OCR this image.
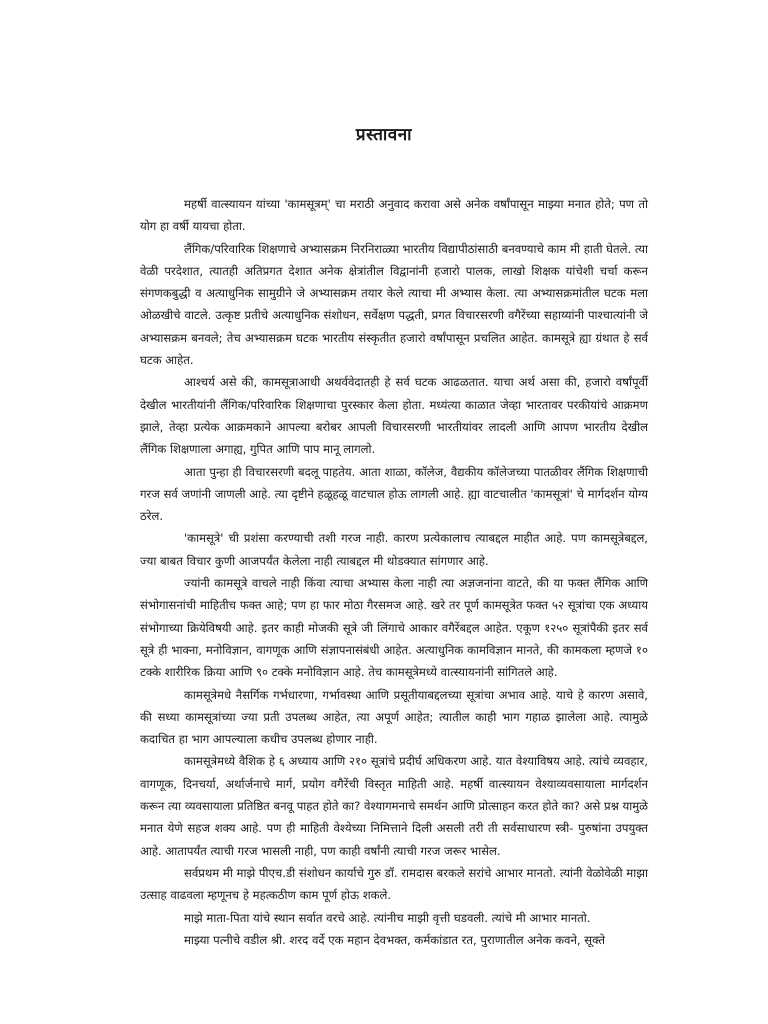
प्रस्तावना

महर्षी वात्स्यायन यांच्या 'कामसूत्रम्' चा मराठी अनुवाद करावा असे अनेक वर्षांपासून माझ्या मनात होते; पण तो योग हा वर्षी यायचा होता.

लैंगिक/परिवारिक शिक्षणाचे अभ्यासक्रम निरनिराळ्या भारतीय विद्यापीठांसाठी बनवण्याचे काम मी हाती घेतले. त्या वेळी परदेशात, त्यातही अतिप्रगत देशात अनेक क्षेत्रांतील विद्वानांनी हजारो पालक, लाखो शिक्षक यांचेशी चर्चा करून संगणकबुद्धी व अत्याधुनिक सामुग्रीने जे अभ्यासक्रम तयार केले त्याचा मी अभ्यास केला. त्या अभ्यासक्रमांतील घटक मला ओळखीचे वाटले. उत्कृष्ट प्रतीचे अत्याधुनिक संशोधन, सर्वेक्षण पद्धती, प्रगत विचारसरणी वगैरेंच्या सहाय्यांनी पाश्चात्यांनी जे अभ्यासक्रम बनवले; तेच अभ्यासक्रम घटक भारतीय संस्कृतीत हजारो वर्षांपासून प्रचलित आहेत. कामसूत्रे ह्या ग्रंथात हे सर्व घटक आहेत.

आश्चर्य असे की, कामसूत्राआधी अथर्ववेदातही हे सर्व घटक आढळतात. याचा अर्थ असा की, हजारो वर्षांपूर्वी देखील भारतीयांनी लैंगिक/परिवारिक शिक्षणाचा पुरस्कार केला होता. मध्यंत्या काळात जेव्हा भारतावर परकीयांचे आक्रमण झाले, तेव्हा प्रत्येक आक्रमकाने आपल्या बरोबर आपली विचारसरणी भारतीयांवर लादली आणि आपण भारतीय देखील लैंगिक शिक्षणाला अगाह्य, गुपित आणि पाप मानू लागलो.

आता पुन्हा ही विचारसरणी बदलू पाहतेय. आता शाळा, कॉलेज, वैद्यकीय कॉलेजच्या पातळीवर लैंगिक शिक्षणाची गरज सर्व जणांनी जाणली आहे. त्या दृष्टीने हळूहळू वाटचाल होऊ लागली आहे. ह्या वाटचालीत 'कामसूत्रां' चे मार्गदर्शन योग्य ठरेल.

'कामसूत्रे' ची प्रशंसा करण्याची तशी गरज नाही. कारण प्रत्येकालाच त्याबद्दल माहीत आहे. पण कामसूत्रेबद्दल, ज्या बाबत विचार कुणी आजपर्यंत केलेला नाही त्याबद्दल मी थोडक्यात सांगणार आहे.

ज्यांनी कामसूत्रे वाचले नाही किंवा त्याचा अभ्यास केला नाही त्या अज्ञजनांना वाटते, की या फक्त लैंगिक आणि संभोगासनांची माहितीच फक्त आहे; पण हा फार मोठा गैरसमज आहे. खरे तर पूर्ण कामसूत्रेत फक्त ५२ सूत्रांचा एक अध्याय संभोगाच्या क्रियेविषयी आहे. इतर काही मोजकी सूत्रे जी लिंगाचे आकार वगैरेंबद्दल आहेत. एकूण १२५० सूत्रांपैकी इतर सर्व सूत्रे ही भाक्ना, मनोविज्ञान, वागणूक आणि संज्ञापनासंबंधी आहेत. अत्याधुनिक कामविज्ञान मानते, की कामकला म्हणजे १० टक्के शारीरिक क्रिया आणि ९० टक्के मनोविज्ञान आहे. तेच कामसूत्रेमध्ये वात्स्यायनांनी सांगितले आहे.

कामसूत्रेमधे नैसर्गिक गर्भधारणा, गर्भावस्था आणि प्रसूतीयाबद्दलच्या सूत्रांचा अभाव आहे. याचे हे कारण असावे, की सध्या कामसूत्रांच्या ज्या प्रती उपलब्ध आहेत, त्या अपूर्ण आहेत; त्यातील काही भाग गहाळ झालेला आहे. त्यामुळे कदाचित हा भाग आपल्याला कधीच उपलब्ध होणार नाही.

कामसूत्रेमध्ये वैशिक हे ६ अध्याय आणि २१० सूत्रांचे प्रदीर्घ अधिकरण आहे. यात वेश्याविषय आहे. त्यांचे व्यवहार, वागणूक, दिनचर्या, अर्थार्जनाचे मार्ग, प्रयोग वगैरेंची विस्तृत माहिती आहे. महर्षी वात्स्यायन वेश्याव्यवसायाला मार्गदर्शन करून त्या व्यवसायाला प्रतिष्ठित बनवू पाहत होते का? वेश्यागमनाचे समर्थन आणि प्रोत्साहन करत होते का? असे प्रश्न यामुळे मनात येणे सहज शक्य आहे. पण ही माहिती वेश्येच्या निमित्ताने दिली असली तरी ती सर्वसाधारण स्त्री- पुरुषांना उपयुक्त आहे. आतापर्यंत त्याची गरज भासली नाही, पण काही वर्षांनी त्याची गरज जरूर भासेल.

सर्वप्रथम मी माझे पीएच.डी संशोधन कार्याचे गुरु डॉ. रामदास बरकले सरांचे आभार मानतो. त्यांनी वेळोवेळी माझा उत्साह वाढवला म्हणूनच हे महत्कठीण काम पूर्ण होऊ शकले.

माझे माता-पिता यांचे स्थान सर्वात वरचे आहे. त्यांनीच माझी वृत्ती घडवली. त्यांचे मी आभार मानतो.

माझ्या पत्नीचे वडील श्री. शरद वर्दे एक महान देवभक्त, कर्मकांडात रत, पुराणातील अनेक कवने, सूक्ते
